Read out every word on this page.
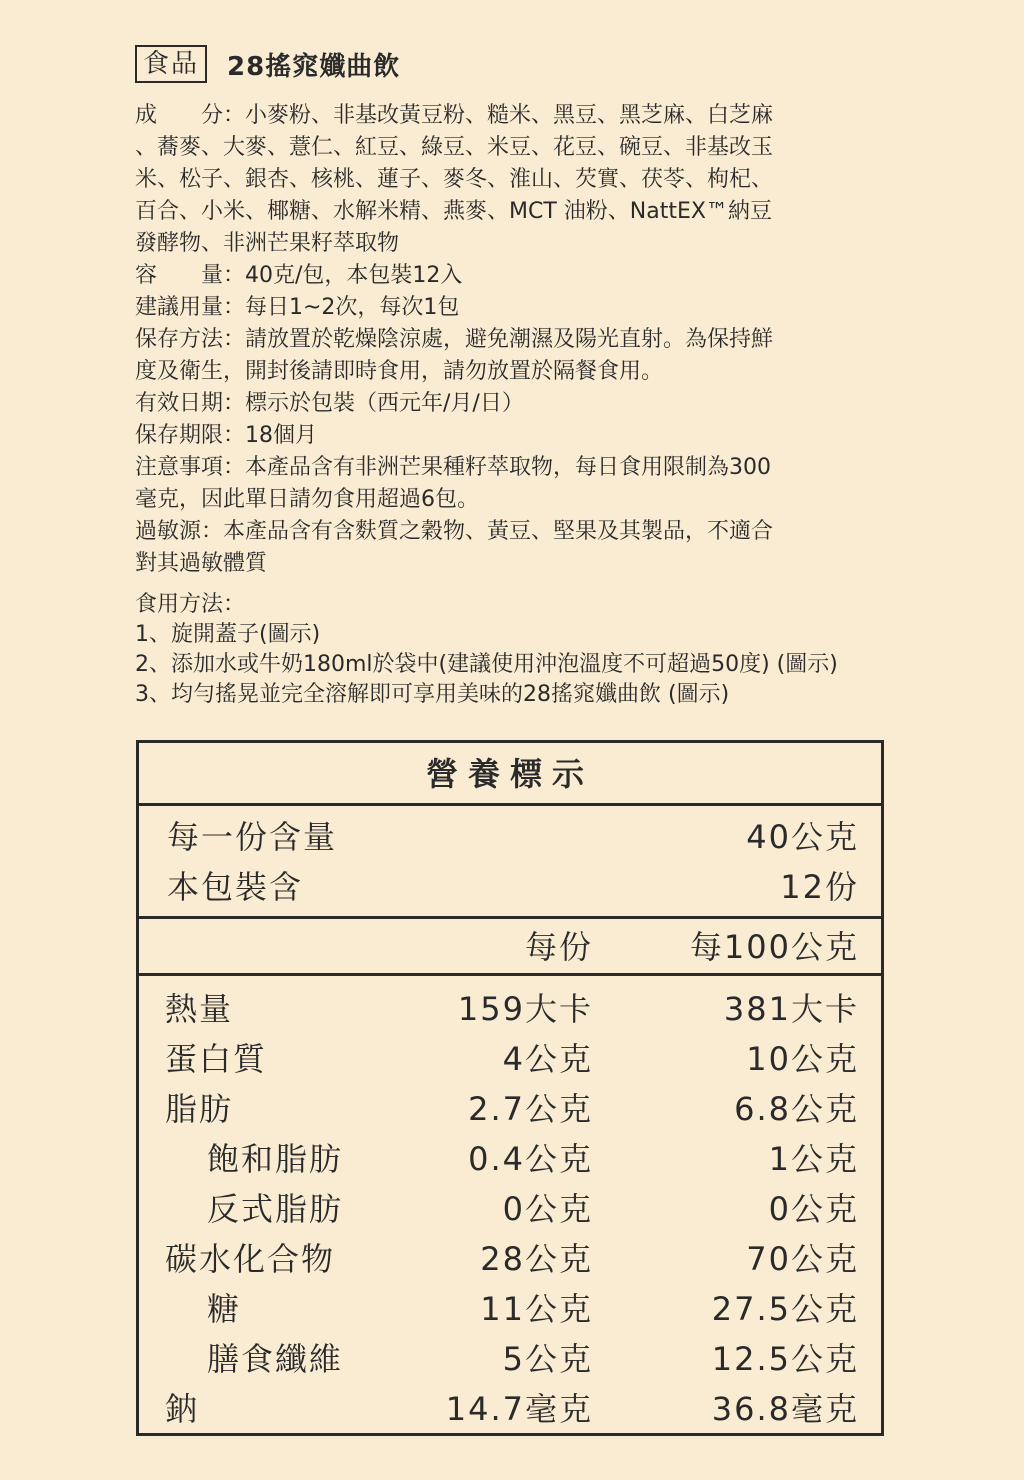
食品	28搖窕孅曲飲

成　　分：小麥粉、非基改黃豆粉、糙米、黑豆、黑芝麻、白芝麻

、蕎麥、大麥、薏仁、紅豆、綠豆、米豆、花豆、碗豆、非基改玉

米、松子、銀杏、核桃、蓮子、麥冬、淮山、芡實、茯苓、枸杞、

百合、小米、椰糖、水解米精、燕麥、MCT 油粉、NattEX™納豆

發酵物、非洲芒果籽萃取物

容　　量：40克/包，本包裝12入

建議用量：每日1~2次，每次1包

保存方法：請放置於乾燥陰涼處，避免潮濕及陽光直射。為保持鮮

度及衛生，開封後請即時食用，請勿放置於隔餐食用。

有效日期：標示於包裝（西元年/月/日）

保存期限：18個月

注意事項：本產品含有非洲芒果種籽萃取物，每日食用限制為300

毫克，因此單日請勿食用超過6包。

過敏源：本產品含有含麩質之穀物、黃豆、堅果及其製品，不適合

對其過敏體質

食用方法：

1、旋開蓋子(圖示)

2、添加水或牛奶180ml於袋中(建議使用沖泡溫度不可超過50度) (圖示)

3、均勻搖晃並完全溶解即可享用美味的28搖窕孅曲飲 (圖示)

營養標示
每一份含量	40公克
本包裝含	12份
每份	每100公克
熱量	159大卡	381大卡
蛋白質	4公克	10公克
脂肪	2.7公克	6.8公克
飽和脂肪	0.4公克	1公克
反式脂肪	0公克	0公克
碳水化合物	28公克	70公克
糖	11公克	27.5公克
膳食纖維	5公克	12.5公克
鈉	14.7毫克	36.8毫克
